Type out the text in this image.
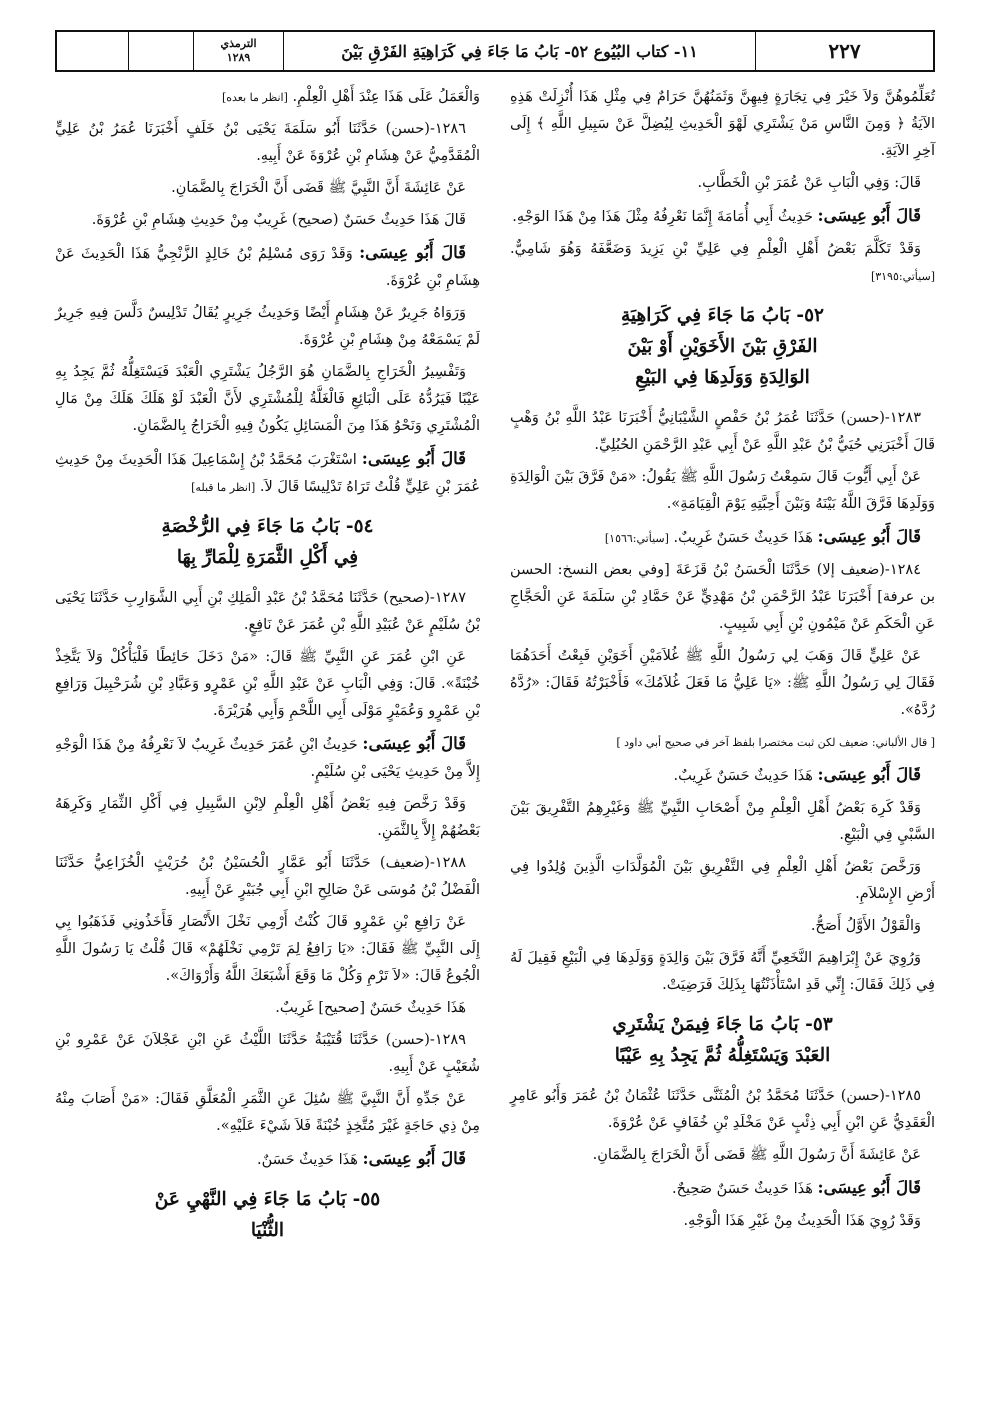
٢٢٧
١١- كتاب البُيُوع ٥٢- بَابُ مَا جَاءَ فِي كَرَاهِيَةِ الفَرْقِ بَيْنَ
الترمذي
١٢٨٩

تُعَلِّمُوهُنَّ وَلاَ خَيْرَ فِي تِجَارَةٍ فِيهِنَّ وَثَمَنُهُنَّ حَرَامٌ فِي مِثْلِ هَذَا أُنْزِلَتْ هَذِهِ الآيَةُ ﴿ وَمِنَ النَّاسِ مَنْ يَشْتَرِي لَهْوَ الْحَدِيثِ لِيُضِلَّ عَنْ سَبِيلِ اللَّهِ ﴾ إِلَى آخِرِ الآيَةِ.

قَالَ: وَفِي الْبَابِ عَنْ عُمَرَ بْنِ الْخَطَّابِ.

قَالَ أَبُو عِيسَى: حَدِيثُ أَبِي أُمَامَةَ إِنَّمَا نَعْرِفُهُ مِثْلَ هَذَا مِنْ هَذَا الوَجْهِ.

وَقَدْ تَكَلَّمَ بَعْضُ أَهْلِ الْعِلْمِ فِي عَلِيِّ بْنِ يَزِيدَ وَضَعَّفَهُ وَهُوَ شَامِيٌّ. [سيأتي:٣١٩٥]

٥٢- بَابُ مَا جَاءَ فِي كَرَاهِيَةِ
الفَرْقِ بَيْنَ الأَخَوَيْنِ أَوْ بَيْنَ
الوَالِدَةِ وَوَلَدِهَا فِي البَيْعِ

١٢٨٣-(حسن) حَدَّثَنَا عُمَرُ بْنُ حَفْصٍ الشَّيْبَانِيُّ أَخْبَرَنَا عَبْدُ اللَّهِ بْنُ وَهْبٍ قَالَ أَخْبَرَنِي حُيَيُّ بْنُ عَبْدِ اللَّهِ عَنْ أَبِي عَبْدِ الرَّحْمَنِ الحُبُلِيِّ.

عَنْ أَبِي أَيُّوبَ قَالَ سَمِعْتُ رَسُولَ اللَّهِ ﷺ يَقُولُ: «مَنْ فَرَّقَ بَيْنَ الْوَالِدَةِ وَوَلَدِهَا فَرَّقَ اللَّهُ بَيْنَهُ وَبَيْنَ أَحِبَّتِهِ يَوْمَ الْقِيَامَةِ».

قَالَ أَبُو عِيسَى: هَذَا حَدِيثٌ حَسَنٌ غَرِيبٌ. [سيأتي:١٥٦٦]

١٢٨٤-(ضعيف إلا) حَدَّثَنَا الْحَسَنُ بْنُ قَزَعَةَ [وفي بعض النسخ: الحسن بن عرفة] أَخْبَرَنَا عَبْدُ الرَّحْمَنِ بْنُ مَهْدِيٍّ عَنْ حَمَّادِ بْنِ سَلَمَةَ عَنِ الْحَجَّاجِ عَنِ الْحَكَمِ عَنْ مَيْمُونِ بْنِ أَبِي شَبِيبٍ.

عَنْ عَلِيٍّ قَالَ وَهَبَ لِي رَسُولُ اللَّهِ ﷺ غُلاَمَيْنِ أَخَوَيْنِ فَبِعْتُ أَحَدَهُمَا فَقَالَ لِي رَسُولُ اللَّهِ ﷺ: «يَا عَلِيُّ مَا فَعَلَ غُلاَمُكَ» فَأَخْبَرْتُهُ فَقَالَ: «رُدَّهُ رُدَّهُ».

[ قال الألباني: ضعيف لكن ثبت مختصرا بلفظ آخر في صحيح أبي داود ]

قَالَ أَبُو عِيسَى: هَذَا حَدِيثٌ حَسَنٌ غَرِيبٌ.

وَقَدْ كَرِهَ بَعْضُ أَهْلِ الْعِلْمِ مِنْ أَصْحَابِ النَّبِيِّ ﷺ وَغَيْرِهِمُ التَّفْرِيقَ بَيْنَ السَّبْيِ فِي الْبَيْعِ.

وَرَخَّصَ بَعْضُ أَهْلِ الْعِلْمِ فِي التَّفْرِيقِ بَيْنَ الْمُوَلَّدَاتِ الَّذِينَ وُلِدُوا فِي أَرْضِ الإِسْلاَمِ.

وَالْقَوْلُ الأَوَّلُ أَصَحُّ.

وَرُوِيَ عَنْ إِبْرَاهِيمَ النَّخَعِيِّ أَنَّهُ فَرَّقَ بَيْنَ وَالِدَةٍ وَوَلَدِهَا فِي الْبَيْعِ فَقِيلَ لَهُ فِي ذَلِكَ فَقَالَ: إِنِّي قَدِ اسْتَأْذَنْتُهَا بِذَلِكَ فَرَضِيَتْ.

٥٣- بَابُ مَا جَاءَ فِيمَنْ يَشْتَرِي
العَبْدَ وَيَسْتَغِلُّهُ ثُمَّ يَجِدُ بِهِ عَيْبًا

١٢٨٥-(حسن) حَدَّثَنَا مُحَمَّدُ بْنُ الْمُثَنَّى حَدَّثَنَا عُثْمَانُ بْنُ عُمَرَ وَأَبُو عَامِرٍ الْعَقَدِيُّ عَنِ ابْنِ أَبِي ذِئْبٍ عَنْ مَخْلَدِ بْنِ خُفَافٍ عَنْ عُرْوَةَ.

عَنْ عَائِشَةَ أَنَّ رَسُولَ اللَّهِ ﷺ قَضَى أَنَّ الْخَرَاجَ بِالضَّمَانِ.

قَالَ أَبُو عِيسَى: هَذَا حَدِيثٌ حَسَنٌ صَحِيحٌ.

وَقَدْ رُوِيَ هَذَا الْحَدِيثُ مِنْ غَيْرِ هَذَا الْوَجْهِ.

وَالْعَمَلُ عَلَى هَذَا عِنْدَ أَهْلِ الْعِلْمِ. [انظر ما بعده]

١٢٨٦-(حسن) حَدَّثَنَا أَبُو سَلَمَةَ يَحْيَى بْنُ خَلَفٍ أَخْبَرَنَا عُمَرُ بْنُ عَلِيٍّ الْمُقَدَّمِيُّ عَنْ هِشَامِ بْنِ عُرْوَةَ عَنْ أَبِيهِ.

عَنْ عَائِشَةَ أَنَّ النَّبِيَّ ﷺ قَضَى أَنَّ الْخَرَاجَ بِالضَّمَانِ.

قَالَ هَذَا حَدِيثٌ حَسَنٌ (صحيح) غَرِيبٌ مِنْ حَدِيثِ هِشَامِ بْنِ عُرْوَةَ.

قَالَ أَبُو عِيسَى: وَقَدْ رَوَى مُسْلِمُ بْنُ خَالِدٍ الزَّنْجِيُّ هَذَا الْحَدِيثَ عَنْ هِشَامِ بْنِ عُرْوَةَ.

وَرَوَاهُ جَرِيرٌ عَنْ هِشَامٍ أَيْضًا وَحَدِيثُ جَرِيرٍ يُقَالُ تَدْلِيسٌ دَلَّسَ فِيهِ جَرِيرٌ لَمْ يَسْمَعْهُ مِنْ هِشَامِ بْنِ عُرْوَةَ.

وَتَفْسِيرُ الْخَرَاجِ بِالضَّمَانِ هُوَ الرَّجُلُ يَشْتَرِي الْعَبْدَ فَيَسْتَغِلُّهُ ثُمَّ يَجِدُ بِهِ عَيْبًا فَيَرُدُّهُ عَلَى الْبَائِعِ فَالْغَلَّةُ لِلْمُشْتَرِي لأَنَّ الْعَبْدَ لَوْ هَلَكَ هَلَكَ مِنْ مَالِ الْمُشْتَرِي وَنَحْوُ هَذَا مِنَ الْمَسَائِلِ يَكُونُ فِيهِ الْخَرَاجُ بِالضَّمَانِ.

قَالَ أَبُو عِيسَى: اسْتَغْرَبَ مُحَمَّدُ بْنُ إِسْمَاعِيلَ هَذَا الْحَدِيثَ مِنْ حَدِيثِ عُمَرَ بْنِ عَلِيٍّ قُلْتُ تَرَاهُ تَدْلِيسًا قَالَ لاَ. [انظر ما قبله]

٥٤- بَابُ مَا جَاءَ فِي الرُّخْصَةِ
فِي أَكْلِ الثَّمَرَةِ لِلْمَارِّ بِهَا

١٢٨٧-(صحيح) حَدَّثَنَا مُحَمَّدُ بْنُ عَبْدِ الْمَلِكِ بْنِ أَبِي الشَّوَارِبِ حَدَّثَنَا يَحْيَى بْنُ سُلَيْمٍ عَنْ عُبَيْدِ اللَّهِ بْنِ عُمَرَ عَنْ نَافِعٍ.

عَنِ ابْنِ عُمَرَ عَنِ النَّبِيِّ ﷺ قَالَ: «مَنْ دَخَلَ حَائِطًا فَلْيَأْكُلْ وَلاَ يَتَّخِذْ خُبْنَةً». قَالَ: وَفِي الْبَابِ عَنْ عَبْدِ اللَّهِ بْنِ عَمْرٍو وَعَبَّادِ بْنِ شُرَحْبِيلَ وَرَافِعِ بْنِ عَمْرٍو وَعُمَيْرٍ مَوْلَى أَبِي اللَّحْمِ وَأَبِي هُرَيْرَةَ.

قَالَ أَبُو عِيسَى: حَدِيثُ ابْنِ عُمَرَ حَدِيثٌ غَرِيبٌ لاَ نَعْرِفُهُ مِنْ هَذَا الْوَجْهِ إِلاَّ مِنْ حَدِيثِ يَحْيَى بْنِ سُلَيْمٍ.

وَقَدْ رَخَّصَ فِيهِ بَعْضُ أَهْلِ الْعِلْمِ لاِبْنِ السَّبِيلِ فِي أَكْلِ الثِّمَارِ وَكَرِهَهُ بَعْضُهُمْ إِلاَّ بِالثَّمَنِ.

١٢٨٨-(ضعيف) حَدَّثَنَا أَبُو عَمَّارٍ الْحُسَيْنُ بْنُ حُرَيْثٍ الْخُزَاعِيُّ حَدَّثَنَا الْفَضْلُ بْنُ مُوسَى عَنْ صَالِحِ ابْنِ أَبِي جُبَيْرٍ عَنْ أَبِيهِ.

عَنْ رَافِعِ بْنِ عَمْرٍو قَالَ كُنْتُ أَرْمِي نَخْلَ الأَنْصَارِ فَأَخَذُونِي فَذَهَبُوا بِي إِلَى النَّبِيِّ ﷺ فَقَالَ: «يَا رَافِعُ لِمَ تَرْمِي نَخْلَهُمْ» قَالَ قُلْتُ يَا رَسُولَ اللَّهِ الْجُوعُ قَالَ: «لاَ تَرْمِ وَكُلْ مَا وَقَعَ أَشْبَعَكَ اللَّهُ وَأَرْوَاكَ».

هَذَا حَدِيثٌ حَسَنٌ [صحيح] غَرِيبٌ.

١٢٨٩-(حسن) حَدَّثَنَا قُتَيْبَةُ حَدَّثَنَا اللَّيْثُ عَنِ ابْنِ عَجْلاَنَ عَنْ عَمْرِو بْنِ شُعَيْبٍ عَنْ أَبِيهِ.

عَنْ جَدِّهِ أَنَّ النَّبِيَّ ﷺ سُئِلَ عَنِ الثَّمَرِ الْمُعَلَّقِ فَقَالَ: «مَنْ أَصَابَ مِنْهُ مِنْ ذِي حَاجَةٍ غَيْرَ مُتَّخِذٍ خُبْنَةً فَلاَ شَيْءَ عَلَيْهِ».

قَالَ أَبُو عِيسَى: هَذَا حَدِيثٌ حَسَنٌ.

٥٥- بَابُ مَا جَاءَ فِي النَّهْيِ عَنْ
الثُّنْيَا
